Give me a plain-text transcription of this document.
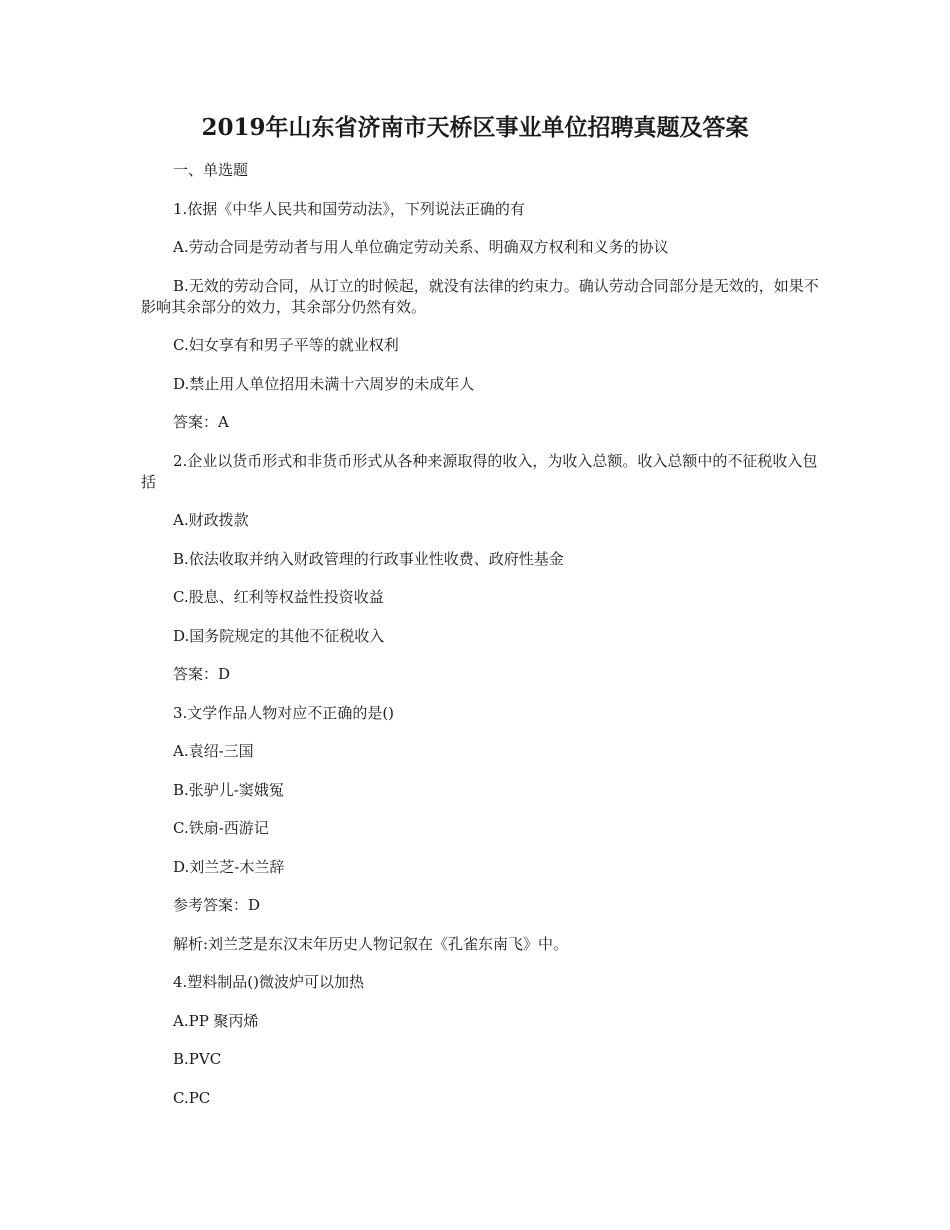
2019年山东省济南市天桥区事业单位招聘真题及答案

一、单选题

1.依据《中华人民共和国劳动法》，下列说法正确的有

A.劳动合同是劳动者与用人单位确定劳动关系、明确双方权利和义务的协议

B.无效的劳动合同，从订立的时候起，就没有法律的约束力。确认劳动合同部分是无效的，如果不影响其余部分的效力，其余部分仍然有效。

C.妇女享有和男子平等的就业权利

D.禁止用人单位招用未满十六周岁的未成年人

答案：A

2.企业以货币形式和非货币形式从各种来源取得的收入，为收入总额。收入总额中的不征税收入包括

A.财政拨款

B.依法收取并纳入财政管理的行政事业性收费、政府性基金

C.股息、红利等权益性投资收益

D.国务院规定的其他不征税收入

答案：D

3.文学作品人物对应不正确的是()

A.袁绍-三国

B.张驴儿-窦娥冤

C.铁扇-西游记

D.刘兰芝-木兰辞

参考答案：D

解析:刘兰芝是东汉末年历史人物记叙在《孔雀东南飞》中。

4.塑料制品()微波炉可以加热

A.PP 聚丙烯

B.PVC

C.PC
